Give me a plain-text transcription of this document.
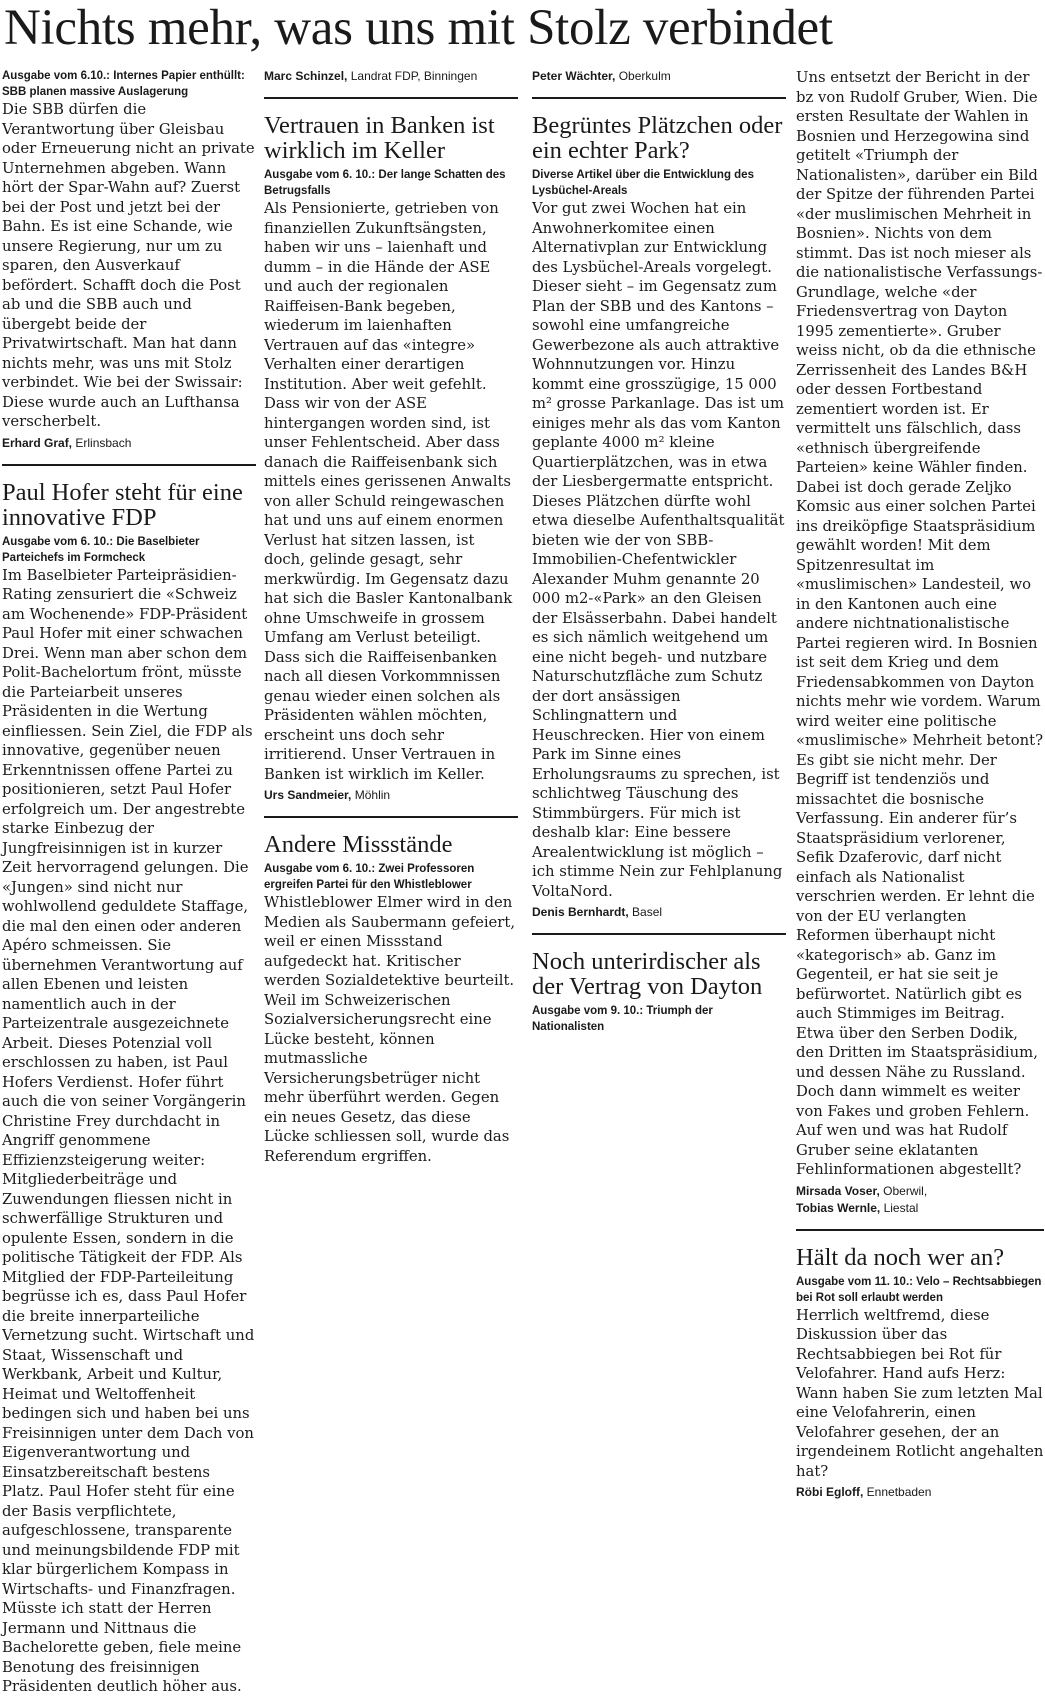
Nichts mehr, was uns mit Stolz verbindet

Ausgabe vom 6.10.: Internes Papier enthüllt: SBB planen massive Auslagerung

Die SBB dürfen die Verantwortung über Gleisbau oder Erneuerung nicht an private Unternehmen abgeben. Wann hört der Spar-Wahn auf? Zuerst bei der Post und jetzt bei der Bahn. Es ist eine Schande, wie unsere Regierung, nur um zu sparen, den Ausverkauf befördert. Schafft doch die Post ab und die SBB auch und übergebt beide der Privatwirtschaft. Man hat dann nichts mehr, was uns mit Stolz verbindet. Wie bei der Swissair: Diese wurde auch an Lufthansa verscherbelt.

Erhard Graf, Erlinsbach

Paul Hofer steht für eine innovative FDP

Ausgabe vom 6. 10.: Die Baselbieter Parteichefs im Formcheck

Im Baselbieter Parteipräsidien-Rating zensuriert die «Schweiz am Wochenende» FDP-Präsident Paul Hofer mit einer schwachen Drei. Wenn man aber schon dem Polit-Bachelortum frönt, müsste die Parteiarbeit unseres Präsidenten in die Wertung einfliessen. Sein Ziel, die FDP als innovative, gegenüber neuen Erkenntnissen offene Partei zu positionieren, setzt Paul Hofer erfolgreich um. Der angestrebte starke Einbezug der Jungfreisinnigen ist in kurzer Zeit hervorragend gelungen. Die «Jungen» sind nicht nur wohlwollend geduldete Staffage, die mal den einen oder anderen Apéro schmeissen. Sie übernehmen Verantwortung auf allen Ebenen und leisten namentlich auch in der Parteizentrale ausgezeichnete Arbeit. Dieses Potenzial voll erschlossen zu haben, ist Paul Hofers Verdienst. Hofer führt auch die von seiner Vorgängerin Christine Frey durchdacht in Angriff genommene Effizienzsteigerung weiter: Mitgliederbeiträge und Zuwendungen fliessen nicht in schwerfällige Strukturen und opulente Essen, sondern in die politische Tätigkeit der FDP. Als Mitglied der FDP-Parteileitung begrüsse ich es, dass Paul Hofer die breite innerparteiliche Vernetzung sucht. Wirtschaft und Staat, Wissenschaft und Werkbank, Arbeit und Kultur, Heimat und Weltoffenheit bedingen sich und haben bei uns Freisinnigen unter dem Dach von Eigenverantwortung und Einsatzbereitschaft bestens Platz. Paul Hofer steht für eine der Basis verpflichtete, aufgeschlossene, transparente und meinungsbildende FDP mit klar bürgerlichem Kompass in Wirtschafts- und Finanzfragen. Müsste ich statt der Herren Jermann und Nittnaus die Bachelorette geben, fiele meine Benotung des freisinnigen Präsidenten deutlich höher aus.

Marc Schinzel, Landrat FDP, Binningen

Vertrauen in Banken ist wirklich im Keller

Ausgabe vom 6. 10.: Der lange Schatten des Betrugsfalls

Als Pensionierte, getrieben von finanziellen Zukunftsängsten, haben wir uns – laienhaft und dumm – in die Hände der ASE und auch der regionalen Raiffeisen-Bank begeben, wiederum im laienhaften Vertrauen auf das «integre» Verhalten einer derartigen Institution. Aber weit gefehlt. Dass wir von der ASE hintergangen worden sind, ist unser Fehlentscheid. Aber dass danach die Raiffeisenbank sich mittels eines gerissenen Anwalts von aller Schuld reingewaschen hat und uns auf einem enormen Verlust hat sitzen lassen, ist doch, gelinde gesagt, sehr merkwürdig. Im Gegensatz dazu hat sich die Basler Kantonalbank ohne Umschweife in grossem Umfang am Verlust beteiligt. Dass sich die Raiffeisenbanken nach all diesen Vorkommnissen genau wieder einen solchen als Präsidenten wählen möchten, erscheint uns doch sehr irritierend. Unser Vertrauen in Banken ist wirklich im Keller.

Urs Sandmeier, Möhlin

Andere Missstände

Ausgabe vom 6. 10.: Zwei Professoren ergreifen Partei für den Whistleblower

Whistleblower Elmer wird in den Medien als Saubermann gefeiert, weil er einen Missstand aufgedeckt hat. Kritischer werden Sozialdetektive beurteilt. Weil im Schweizerischen Sozialversicherungsrecht eine Lücke besteht, können mutmassliche Versicherungsbetrüger nicht mehr überführt werden. Gegen ein neues Gesetz, das diese Lücke schliessen soll, wurde das Referendum ergriffen.

Peter Wächter, Oberkulm

Begrüntes Plätzchen oder ein echter Park?

Diverse Artikel über die Entwicklung des Lysbüchel-Areals

Vor gut zwei Wochen hat ein Anwohnerkomitee einen Alternativplan zur Entwicklung des Lysbüchel-Areals vorgelegt. Dieser sieht – im Gegensatz zum Plan der SBB und des Kantons – sowohl eine umfangreiche Gewerbezone als auch attraktive Wohnnutzungen vor. Hinzu kommt eine grosszügige, 15 000 m² grosse Parkanlage. Das ist um einiges mehr als das vom Kanton geplante 4000 m² kleine Quartierplätzchen, was in etwa der Liesbergermatte entspricht. Dieses Plätzchen dürfte wohl etwa dieselbe Aufenthaltsqualität bieten wie der von SBB-Immobilien-Chefentwickler Alexander Muhm genannte 20 000 m2-«Park» an den Gleisen der Elsässerbahn. Dabei handelt es sich nämlich weitgehend um eine nicht begeh- und nutzbare Naturschutzfläche zum Schutz der dort ansässigen Schlingnattern und Heuschrecken. Hier von einem Park im Sinne eines Erholungsraums zu sprechen, ist schlichtweg Täuschung des Stimmbürgers. Für mich ist deshalb klar: Eine bessere Arealentwicklung ist möglich – ich stimme Nein zur Fehlplanung VoltaNord.

Denis Bernhardt, Basel

Noch unterirdischer als der Vertrag von Dayton

Ausgabe vom 9. 10.: Triumph der Nationalisten

Uns entsetzt der Bericht in der bz von Rudolf Gruber, Wien. Die ersten Resultate der Wahlen in Bosnien und Herzegowina sind getitelt «Triumph der Nationalisten», darüber ein Bild der Spitze der führenden Partei «der muslimischen Mehrheit in Bosnien». Nichts von dem stimmt. Das ist noch mieser als die nationalistische Verfassungs-Grundlage, welche «der Friedensvertrag von Dayton 1995 zementierte». Gruber weiss nicht, ob da die ethnische Zerrissenheit des Landes B&H oder dessen Fortbestand zementiert worden ist. Er vermittelt uns fälschlich, dass «ethnisch übergreifende Parteien» keine Wähler finden. Dabei ist doch gerade Zeljko Komsic aus einer solchen Partei ins dreiköpfige Staatspräsidium gewählt worden! Mit dem Spitzenresultat im «muslimischen» Landesteil, wo in den Kantonen auch eine andere nichtnationalistische Partei regieren wird. In Bosnien ist seit dem Krieg und dem Friedensabkommen von Dayton nichts mehr wie vordem. Warum wird weiter eine politische «muslimische» Mehrheit betont? Es gibt sie nicht mehr. Der Begriff ist tendenziös und missachtet die bosnische Verfassung. Ein anderer für’s Staatspräsidium verlorener, Sefik Dzaferovic, darf nicht einfach als Nationalist verschrien werden. Er lehnt die von der EU verlangten Reformen überhaupt nicht «kategorisch» ab. Ganz im Gegenteil, er hat sie seit je befürwortet. Natürlich gibt es auch Stimmiges im Beitrag. Etwa über den Serben Dodik, den Dritten im Staatspräsidium, und dessen Nähe zu Russland. Doch dann wimmelt es weiter von Fakes und groben Fehlern. Auf wen und was hat Rudolf Gruber seine eklatanten Fehlinformationen abgestellt?

Mirsada Voser, Oberwil,
Tobias Wernle, Liestal

Hält da noch wer an?

Ausgabe vom 11. 10.: Velo – Rechtsabbiegen bei Rot soll erlaubt werden

Herrlich weltfremd, diese Diskussion über das Rechtsabbiegen bei Rot für Velofahrer. Hand aufs Herz: Wann haben Sie zum letzten Mal eine Velofahrerin, einen Velofahrer gesehen, der an irgendeinem Rotlicht angehalten hat?

Röbi Egloff, Ennetbaden
